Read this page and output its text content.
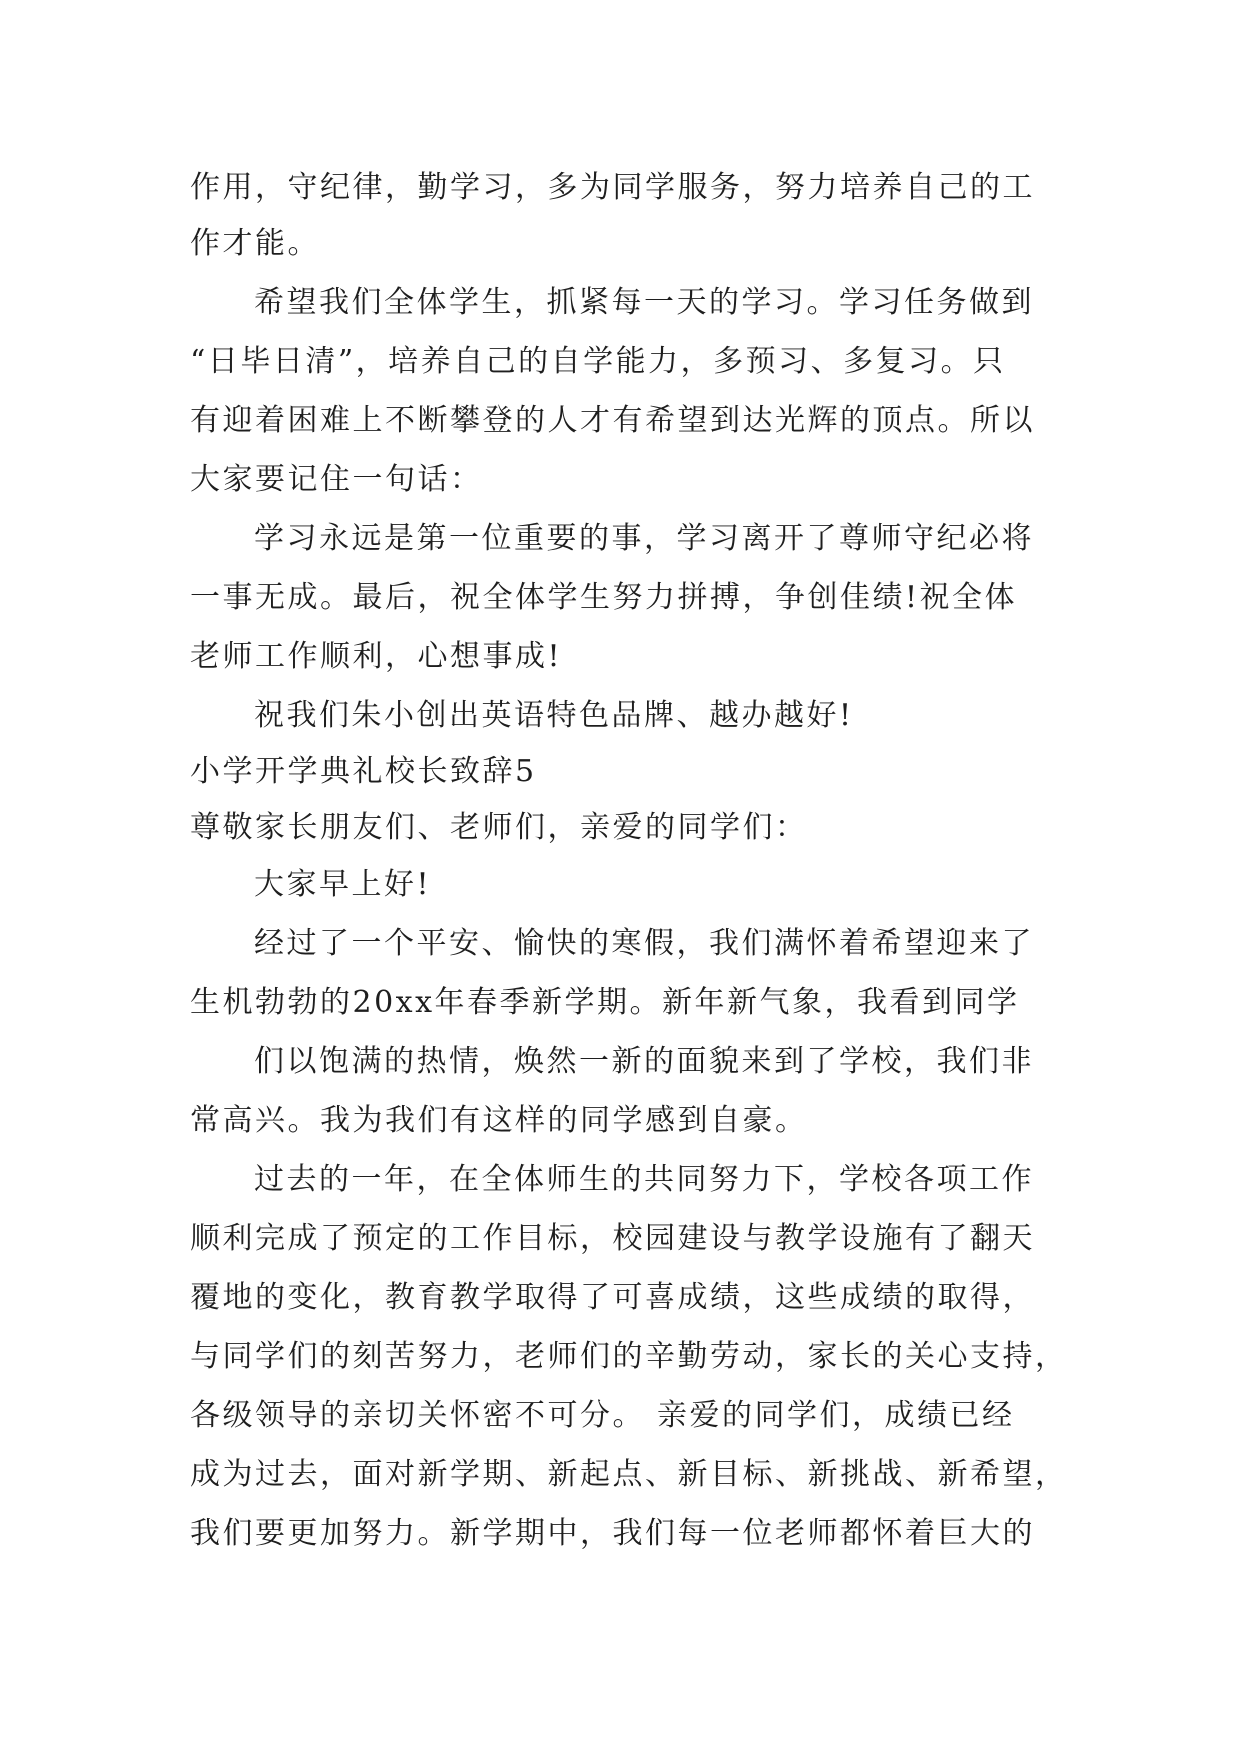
作用，守纪律，勤学习，多为同学服务，努力培养自己的工
作才能。
希望我们全体学生，抓紧每一天的学习。学习任务做到
“日毕日清”，培养自己的自学能力，多预习、多复习。只
有迎着困难上不断攀登的人才有希望到达光辉的顶点。所以
大家要记住一句话：
学习永远是第一位重要的事，学习离开了尊师守纪必将
一事无成。最后，祝全体学生努力拼搏，争创佳绩!祝全体
老师工作顺利，心想事成!
祝我们朱小创出英语特色品牌、越办越好!
小学开学典礼校长致辞5
尊敬家长朋友们、老师们，亲爱的同学们：
大家早上好!
经过了一个平安、愉快的寒假，我们满怀着希望迎来了
生机勃勃的20xx年春季新学期。新年新气象，我看到同学
们以饱满的热情，焕然一新的面貌来到了学校，我们非
常高兴。我为我们有这样的同学感到自豪。
过去的一年，在全体师生的共同努力下，学校各项工作
顺利完成了预定的工作目标，校园建设与教学设施有了翻天
覆地的变化，教育教学取得了可喜成绩，这些成绩的取得，
与同学们的刻苦努力，老师们的辛勤劳动，家长的关心支持，
各级领导的亲切关怀密不可分。 亲爱的同学们，成绩已经
成为过去，面对新学期、新起点、新目标、新挑战、新希望，
我们要更加努力。新学期中，我们每一位老师都怀着巨大的
